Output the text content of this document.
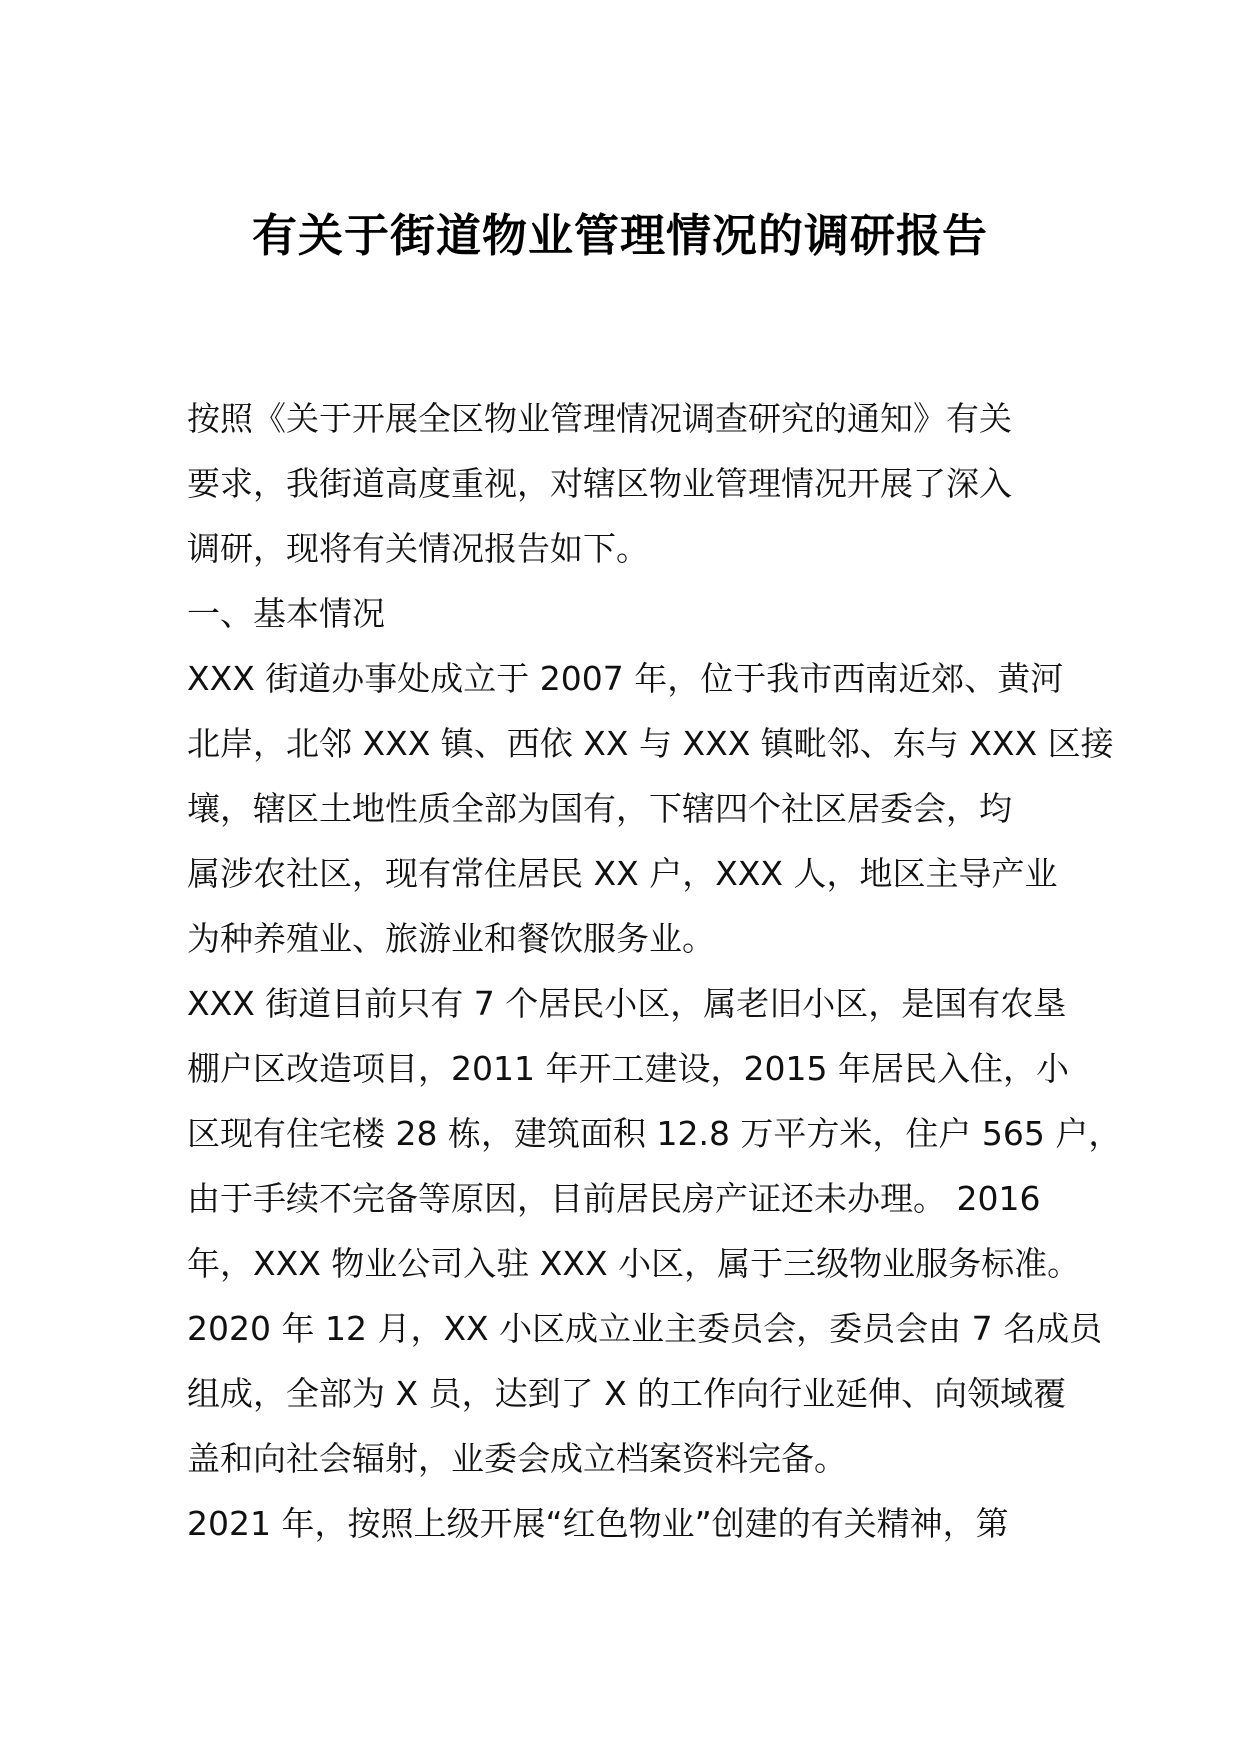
有关于街道物业管理情况的调研报告
按照《关于开展全区物业管理情况调查研究的通知》有关
要求，我街道高度重视，对辖区物业管理情况开展了深入
调研，现将有关情况报告如下。
一、基本情况
XXX 街道办事处成立于 2007 年，位于我市西南近郊、黄河
北岸，北邻 XXX 镇、西依 XX 与 XXX 镇毗邻、东与 XXX 区接
壤，辖区土地性质全部为国有，下辖四个社区居委会，均
属涉农社区，现有常住居民 XX 户，XXX 人，地区主导产业
为种养殖业、旅游业和餐饮服务业。
XXX 街道目前只有 7 个居民小区，属老旧小区，是国有农垦
棚户区改造项目，2011 年开工建设，2015 年居民入住，小
区现有住宅楼 28 栋，建筑面积 12.8 万平方米，住户 565 户，
由于手续不完备等原因，目前居民房产证还未办理。 2016
年，XXX 物业公司入驻 XXX 小区，属于三级物业服务标准。
2020 年 12 月，XX 小区成立业主委员会，委员会由 7 名成员
组成，全部为 X 员，达到了 X 的工作向行业延伸、向领域覆
盖和向社会辐射，业委会成立档案资料完备。
2021 年，按照上级开展“红色物业”创建的有关精神，第
